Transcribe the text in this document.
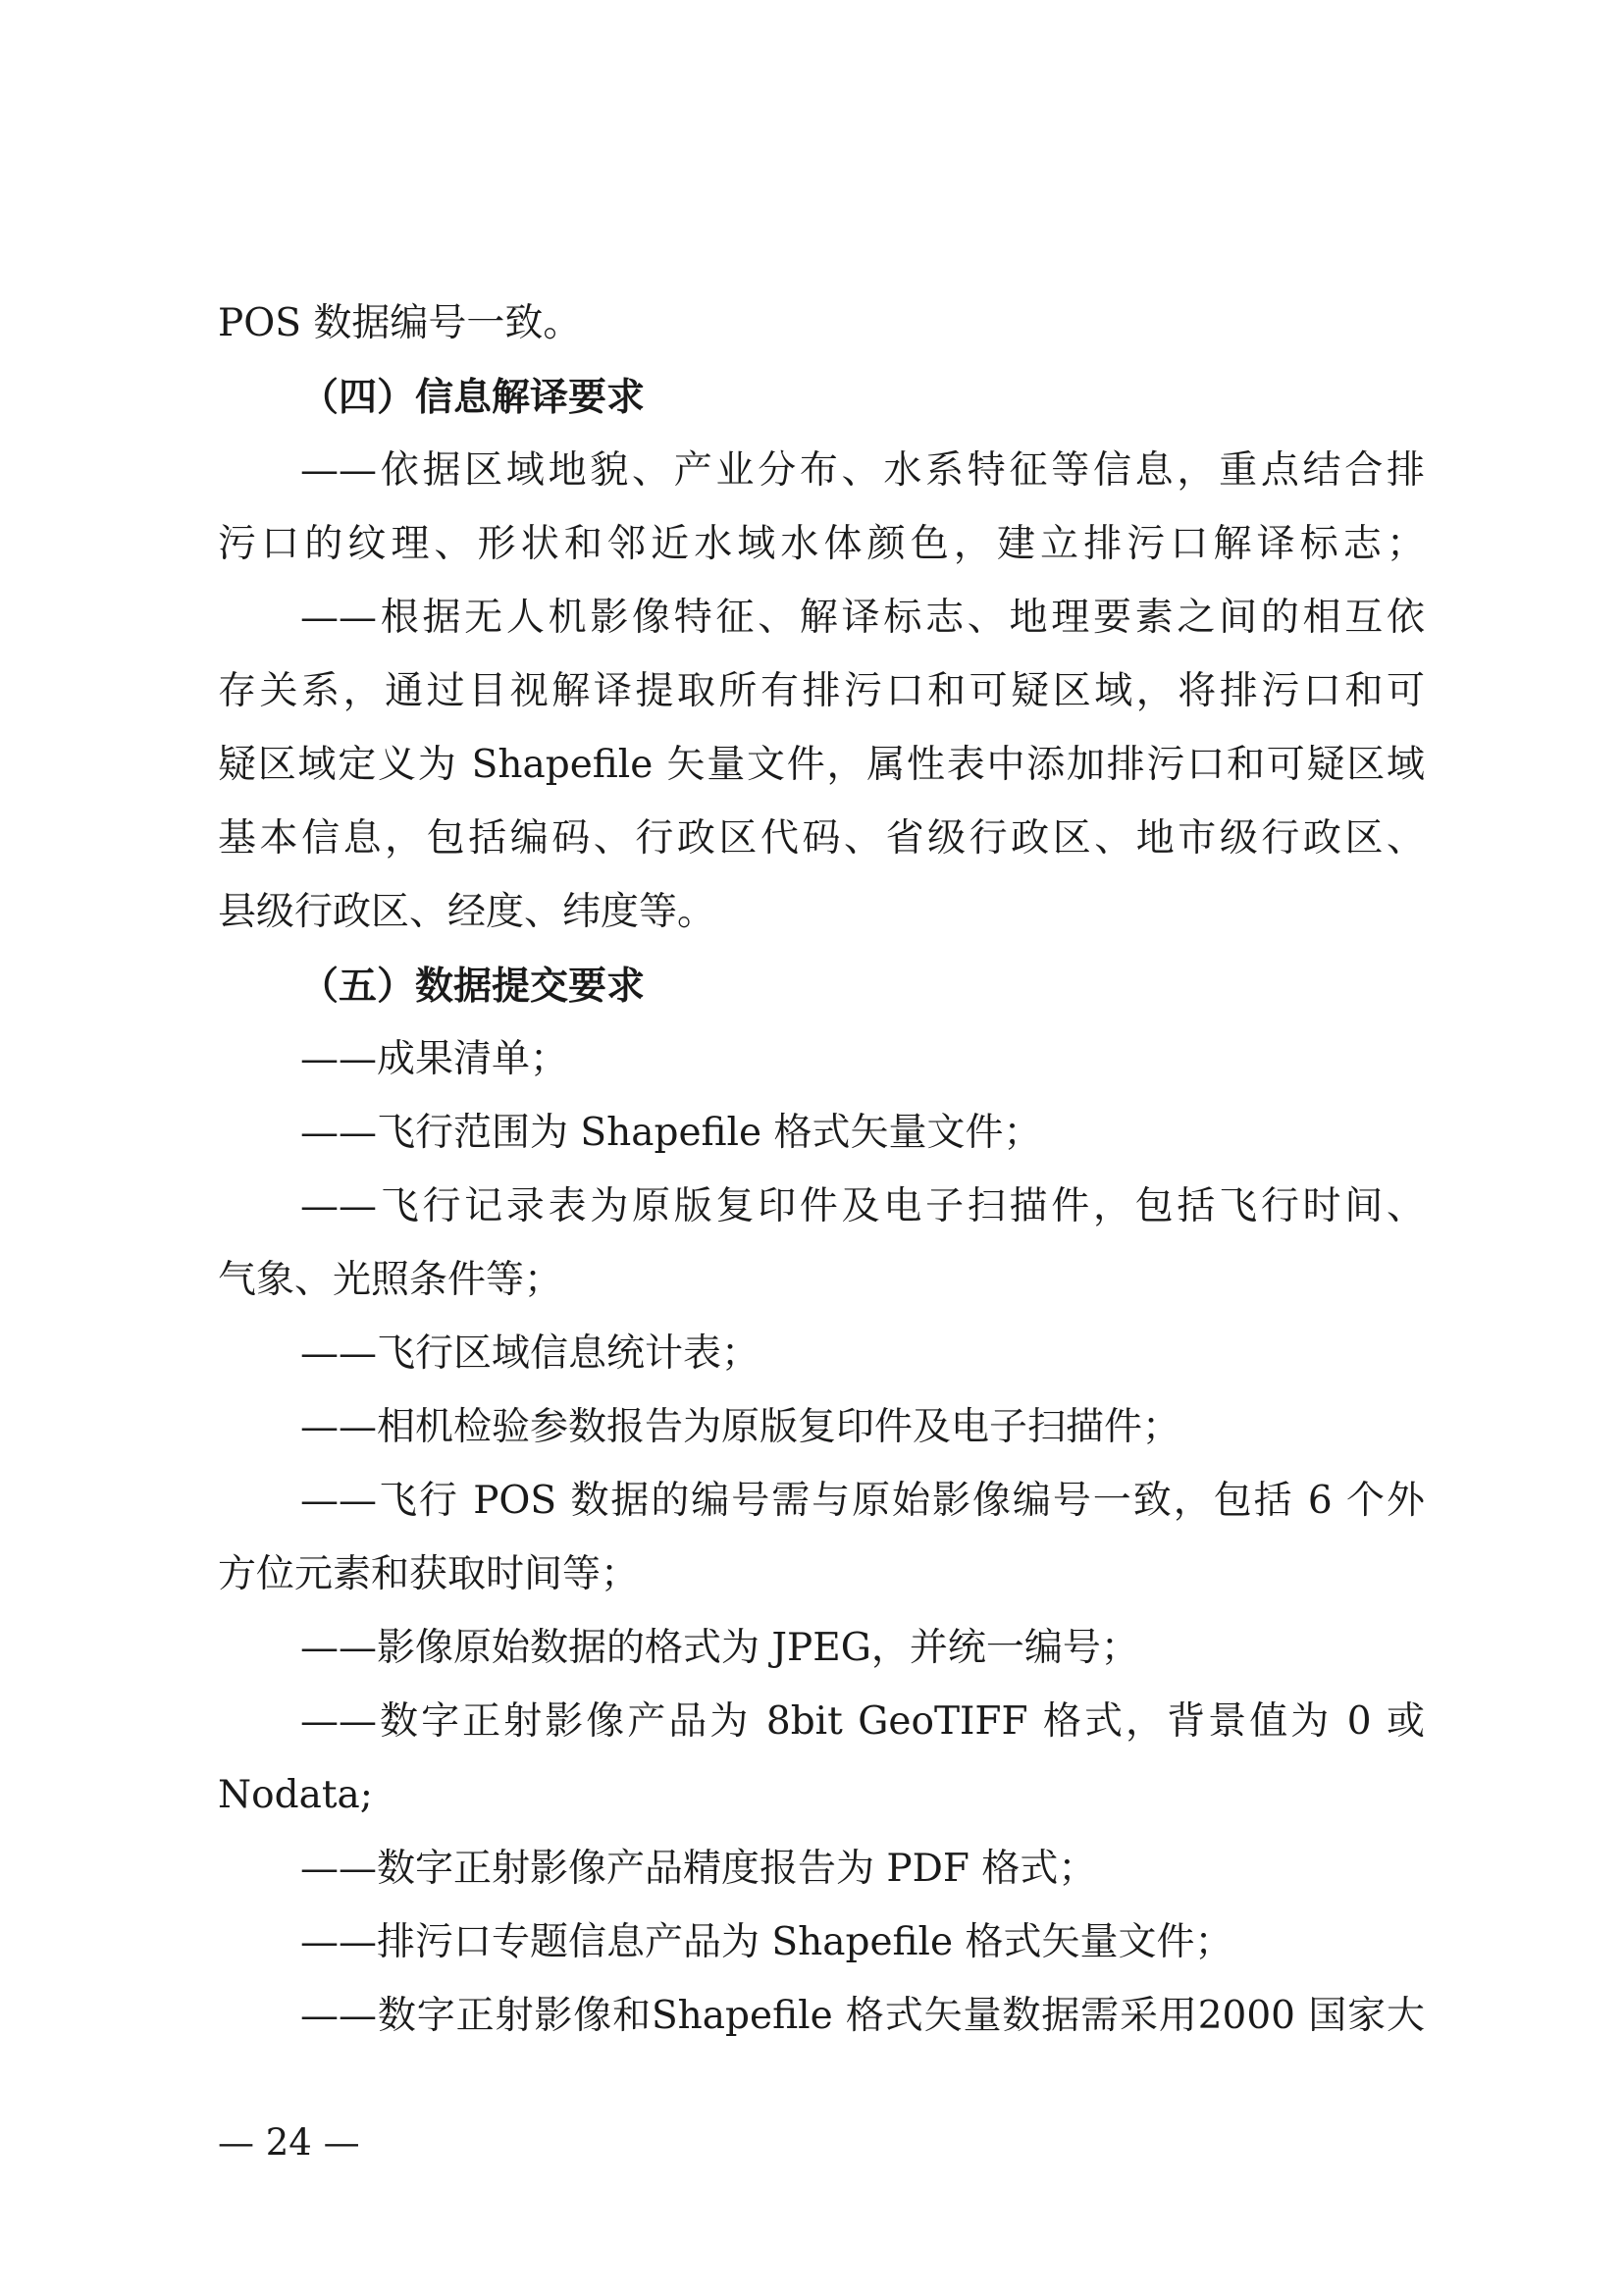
POS 数据编号一致。
（四）信息解译要求
——依据区域地貌、产业分布、水系特征等信息，重点结合排
污口的纹理、形状和邻近水域水体颜色，建立排污口解译标志；
——根据无人机影像特征、解译标志、地理要素之间的相互依
存关系，通过目视解译提取所有排污口和可疑区域，将排污口和可
疑区域定义为 Shapefile 矢量文件，属性表中添加排污口和可疑区域
基本信息，包括编码、行政区代码、省级行政区、地市级行政区、
县级行政区、经度、纬度等。
（五）数据提交要求
——成果清单；
——飞行范围为 Shapefile 格式矢量文件；
——飞行记录表为原版复印件及电子扫描件，包括飞行时间、
气象、光照条件等；
——飞行区域信息统计表；
——相机检验参数报告为原版复印件及电子扫描件；
——飞行 POS 数据的编号需与原始影像编号一致，包括 6 个外
方位元素和获取时间等；
——影像原始数据的格式为 JPEG，并统一编号；
——数字正射影像产品为 8bit GeoTIFF 格式，背景值为 0 或
Nodata;
——数字正射影像产品精度报告为 PDF 格式；
——排污口专题信息产品为 Shapefile 格式矢量文件；
——数字正射影像和Shapefile 格式矢量数据需采用2000 国家大
— 24 —
